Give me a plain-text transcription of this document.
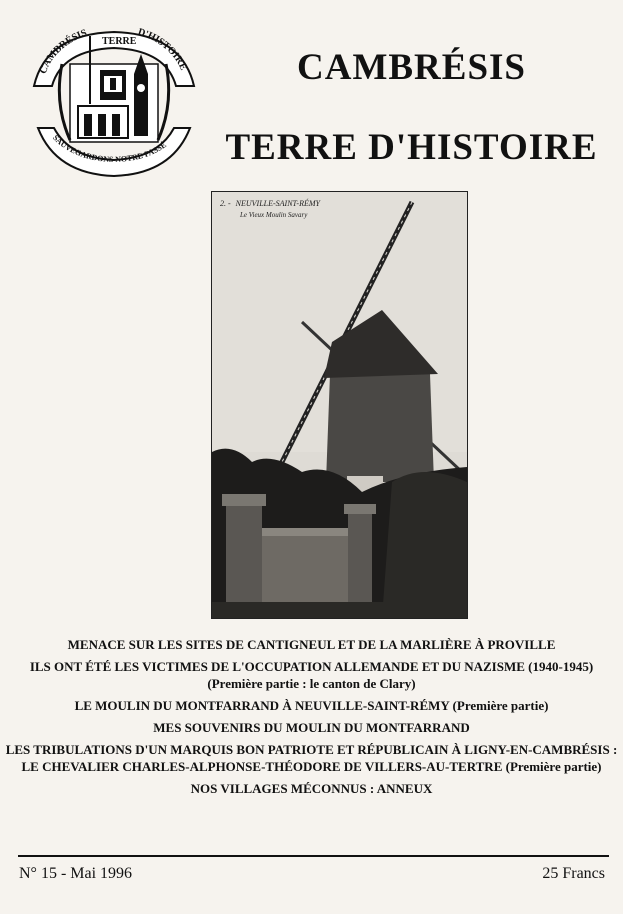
CAMBRÉSIS
TERRE
D'HISTOIRE
SAUVEGARDONS NOTRE PASSÉ
CAMBRÉSIS
TERRE D'HISTOIRE
2. - NEUVILLE-SAINT-RÉMY
Le Vieux Moulin Savary
MENACE SUR LES SITES DE CANTIGNEUL ET DE LA MARLIÈRE À PROVILLE
ILS ONT ÉTÉ LES VICTIMES DE L'OCCUPATION ALLEMANDE ET DU NAZISME (1940-1945)
(Première partie : le canton de Clary)
LE MOULIN DU MONTFARRAND À NEUVILLE-SAINT-RÉMY (Première partie)
MES SOUVENIRS DU MOULIN DU MONTFARRAND
LES TRIBULATIONS D'UN MARQUIS BON PATRIOTE ET RÉPUBLICAIN À LIGNY-EN-CAMBRÉSIS :
LE CHEVALIER CHARLES-ALPHONSE-THÉODORE DE VILLERS-AU-TERTRE (Première partie)
NOS VILLAGES MÉCONNUS : ANNEUX
N° 15 - Mai 1996	25 Francs
